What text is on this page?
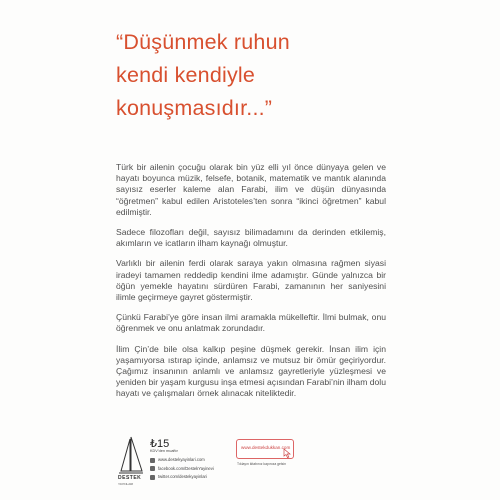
“Düşünmek ruhun
kendi kendiyle
konuşmasıdır...”

Türk bir ailenin çocuğu olarak bin yüz elli yıl önce dünyaya gelen ve hayatı boyunca müzik, felsefe, botanik, matematik ve mantık alanında sayısız eserler kaleme alan Farabi, ilim ve düşün dünyasında “öğretmen” kabul edilen Aristoteles’ten sonra “ikinci öğretmen” kabul edilmiştir.

Sadece filozofları değil, sayısız bilimadamını da derinden etkilemiş, akımların ve icatların ilham kaynağı olmuştur.

Varlıklı bir ailenin ferdi olarak saraya yakın olmasına rağmen siyasi iradeyi tamamen reddedip kendini ilme adamıştır. Günde yalnızca bir öğün yemekle hayatını sürdüren Farabi, zamanının her saniyesini ilimle geçirmeye gayret göstermiştir.

Çünkü Farabi’ye göre insan ilmi aramakla mükelleftir. İlmi bulmak, onu öğrenmek ve onu anlatmak zorundadır.

İlim Çin’de bile olsa kalkıp peşine düşmek gerekir. İnsan ilim için yaşamıyorsa ıstırap içinde, anlamsız ve mutsuz bir ömür geçiriyordur. Çağımız insanının anlamlı ve anlamsız gayretleriyle yüzleşmesi ve yeniden bir yaşam kurgusu inşa etmesi açısından Farabi’nin ilham dolu hayatı ve çalışmaları örnek alınacak niteliktedir.

DESTEK
YAYINLARI
₺15
KDV’den muaftır
www.destekyayinlari.com
facebook.com/DestekYayinevi
twitter.com/destekyayinlari
www.destekdukkan.com
Tıklayın kitabınız kapınıza gelsin
